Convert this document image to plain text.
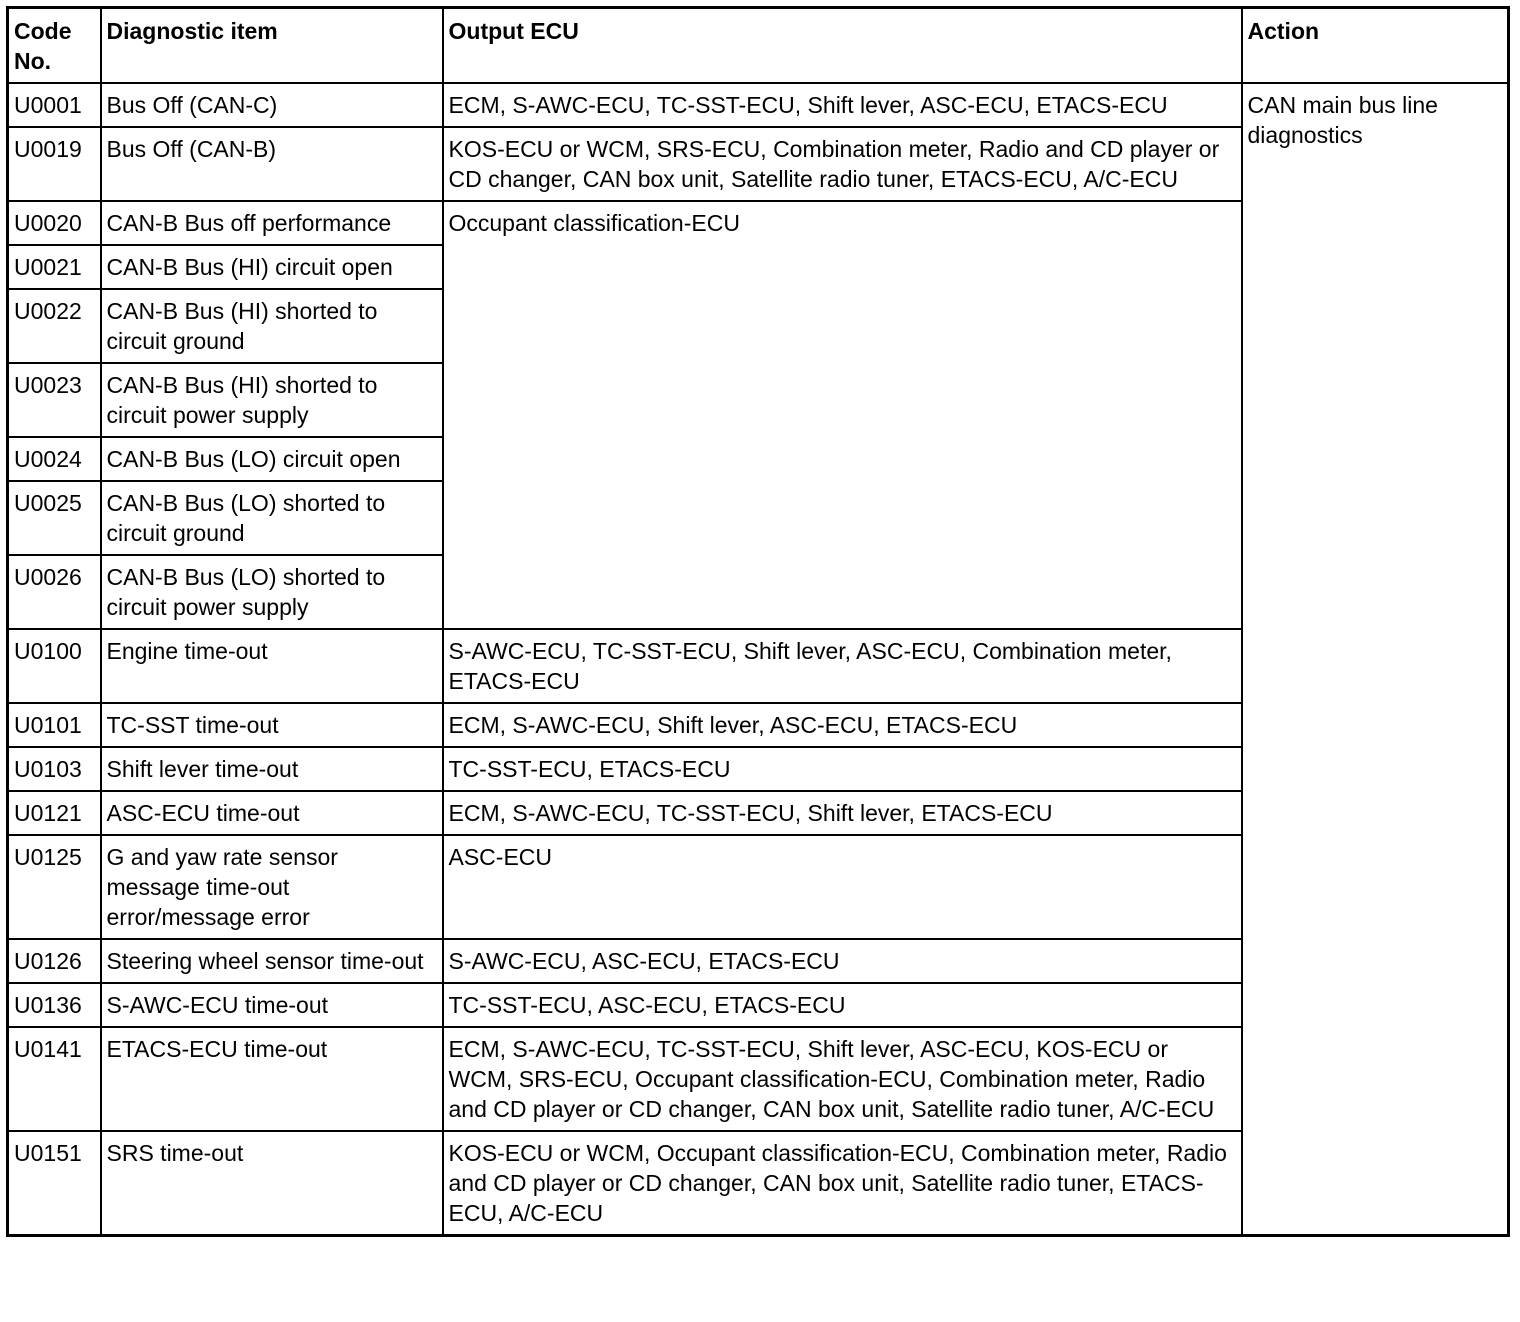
Code
No.	Diagnostic item	Output ECU	Action
U0001	Bus Off (CAN-C)	ECM, S-AWC-ECU, TC-SST-ECU, Shift lever, ASC-ECU, ETACS-ECU	CAN main bus line diagnostics
U0019	Bus Off (CAN-B)	KOS-ECU or WCM, SRS-ECU, Combination meter, Radio and CD player or CD changer, CAN box unit, Satellite radio tuner, ETACS-ECU, A/C-ECU	
U0020	CAN-B Bus off performance	Occupant classification-ECU	
U0021	CAN-B Bus (HI) circuit open		
U0022	CAN-B Bus (HI) shorted to circuit ground		
U0023	CAN-B Bus (HI) shorted to circuit power supply		
U0024	CAN-B Bus (LO) circuit open		
U0025	CAN-B Bus (LO) shorted to circuit ground		
U0026	CAN-B Bus (LO) shorted to circuit power supply		
U0100	Engine time-out	S-AWC-ECU, TC-SST-ECU, Shift lever, ASC-ECU, Combination meter, ETACS-ECU	
U0101	TC-SST time-out	ECM, S-AWC-ECU, Shift lever, ASC-ECU, ETACS-ECU	
U0103	Shift lever time-out	TC-SST-ECU, ETACS-ECU	
U0121	ASC-ECU time-out	ECM, S-AWC-ECU, TC-SST-ECU, Shift lever, ETACS-ECU	
U0125	G and yaw rate sensor message time-out error/message error	ASC-ECU	
U0126	Steering wheel sensor time-out	S-AWC-ECU, ASC-ECU, ETACS-ECU	
U0136	S-AWC-ECU time-out	TC-SST-ECU, ASC-ECU, ETACS-ECU	
U0141	ETACS-ECU time-out	ECM, S-AWC-ECU, TC-SST-ECU, Shift lever, ASC-ECU, KOS-ECU or WCM, SRS-ECU, Occupant classification-ECU, Combination meter, Radio and CD player or CD changer, CAN box unit, Satellite radio tuner, A/C-ECU	
U0151	SRS time-out	KOS-ECU or WCM, Occupant classification-ECU, Combination meter, Radio and CD player or CD changer, CAN box unit, Satellite radio tuner, ETACS-ECU, A/C-ECU	
